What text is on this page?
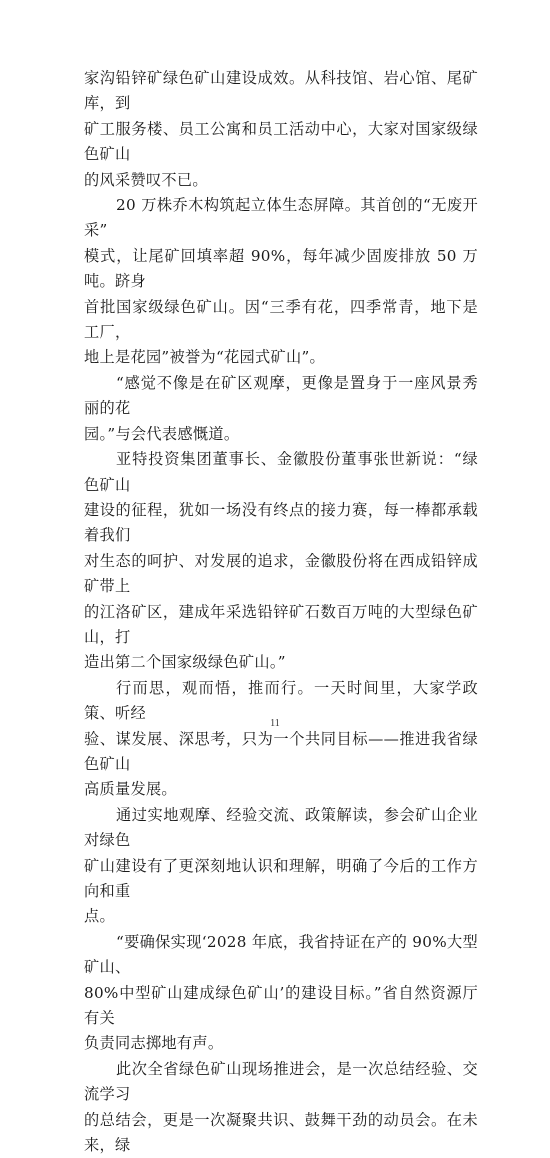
家沟铅锌矿绿色矿山建设成效。从科技馆、岩心馆、尾矿库，到
矿工服务楼、员工公寓和员工活动中心，大家对国家级绿色矿山
的风采赞叹不已。

20 万株乔木构筑起立体生态屏障。其首创的“无废开采”
模式，让尾矿回填率超 90%，每年减少固废排放 50 万吨。跻身
首批国家级绿色矿山。因“三季有花，四季常青，地下是工厂，
地上是花园”被誉为“花园式矿山”。

“感觉不像是在矿区观摩，更像是置身于一座风景秀丽的花
园。”与会代表感慨道。

亚特投资集团董事长、金徽股份董事张世新说：“绿色矿山
建设的征程，犹如一场没有终点的接力赛，每一棒都承载着我们
对生态的呵护、对发展的追求，金徽股份将在西成铅锌成矿带上
的江洛矿区，建成年采选铅锌矿石数百万吨的大型绿色矿山，打
造出第二个国家级绿色矿山。”

行而思，观而悟，推而行。一天时间里，大家学政策、听经
验、谋发展、深思考，只为一个共同目标——推进我省绿色矿山
高质量发展。

通过实地观摩、经验交流、政策解读，参会矿山企业对绿色
矿山建设有了更深刻地认识和理解，明确了今后的工作方向和重
点。

“要确保实现‘2028 年底，我省持证在产的 90%大型矿山、
80%中型矿山建成绿色矿山’的建设目标。”省自然资源厅有关
负责同志掷地有声。

此次全省绿色矿山现场推进会，是一次总结经验、交流学习
的总结会，更是一次凝聚共识、鼓舞干劲的动员会。在未来，绿

11
